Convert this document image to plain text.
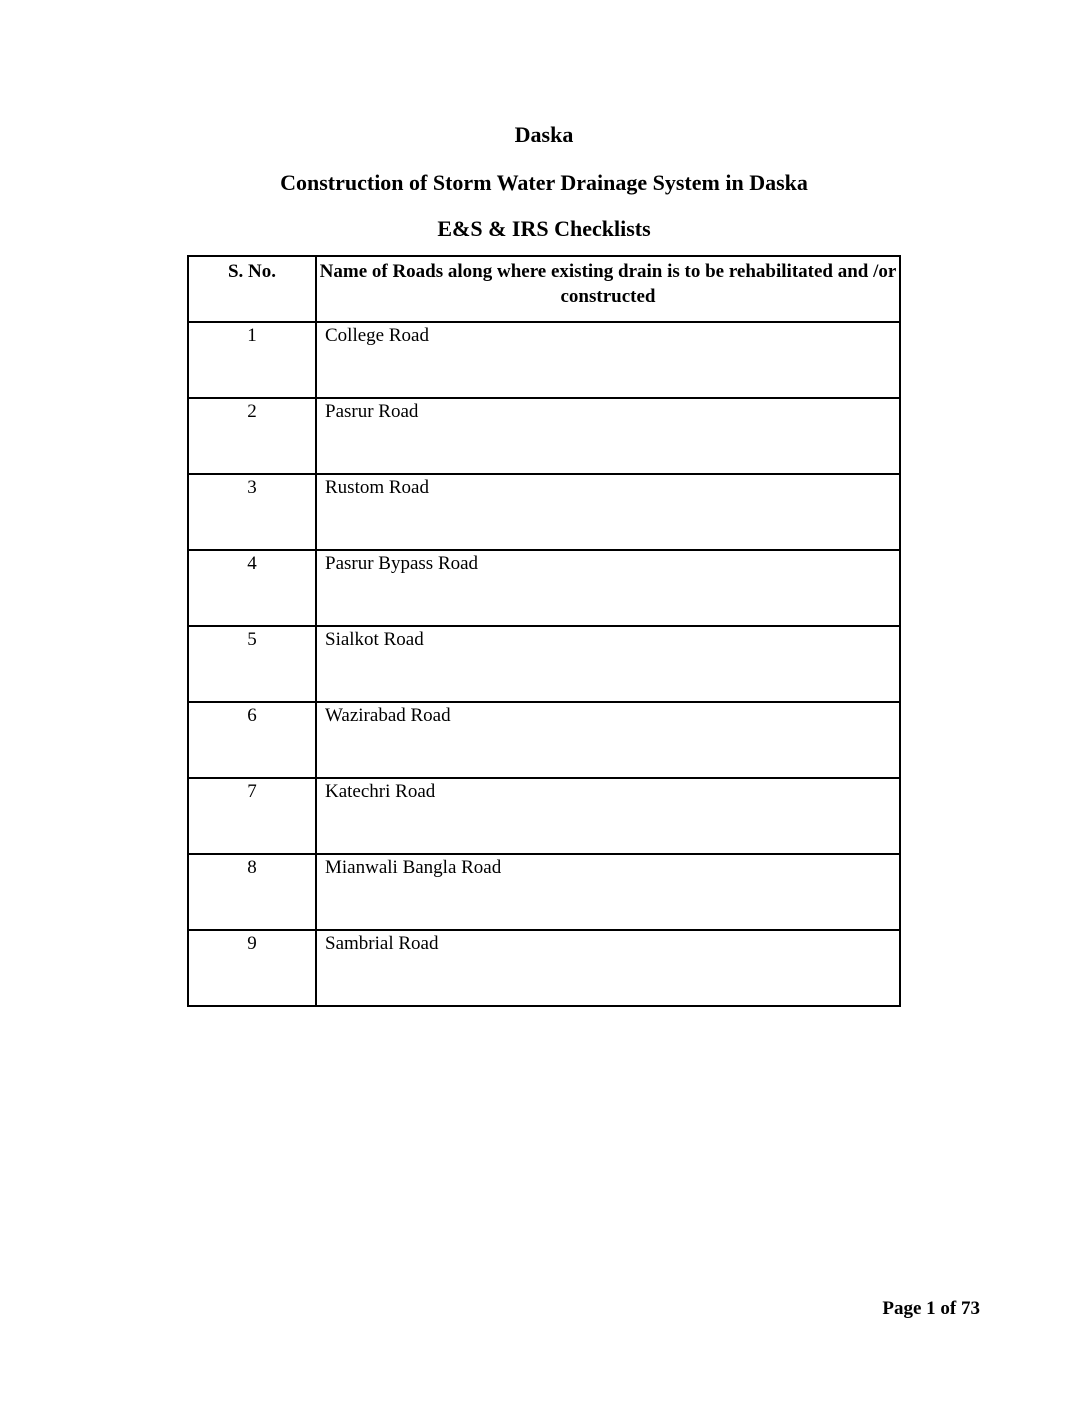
Daska
Construction of Storm Water Drainage System in Daska
E&S & IRS Checklists
S. No.	Name of Roads along where existing drain is to be rehabilitated and /or constructed
1	College Road
2	Pasrur Road
3	Rustom Road
4	Pasrur Bypass Road
5	Sialkot Road
6	Wazirabad Road
7	Katechri Road
8	Mianwali Bangla Road
9	Sambrial Road
Page 1 of 73
